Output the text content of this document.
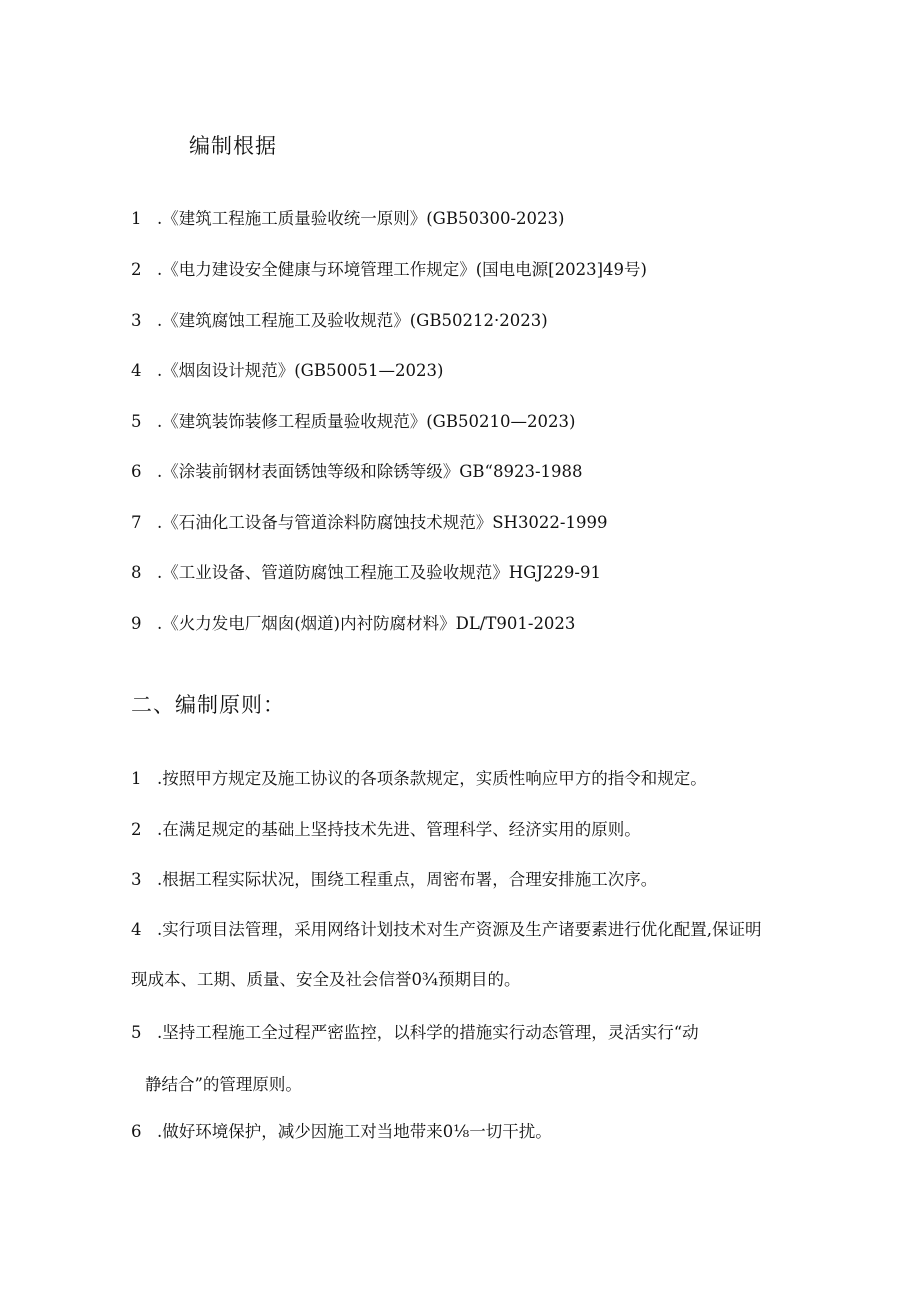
编制根据
1 .《建筑工程施工质量验收统一原则》(GB50300-2023)
2 .《电力建设安全健康与环境管理工作规定》(国电电源[2023]49号)
3 .《建筑腐蚀工程施工及验收规范》(GB50212·2023)
4 .《烟囱设计规范》(GB50051—2023)
5 .《建筑装饰装修工程质量验收规范》(GB50210—2023)
6 .《涂装前钢材表面锈蚀等级和除锈等级》GB“8923-1988
7 .《石油化工设备与管道涂料防腐蚀技术规范》SH3022-1999
8 .《工业设备、管道防腐蚀工程施工及验收规范》HGJ229-91
9 .《火力发电厂烟囱(烟道)内衬防腐材料》DL/T901-2023
二、编制原则：
1 .按照甲方规定及施工协议的各项条款规定，实质性响应甲方的指令和规定。
2 .在满足规定的基础上坚持技术先进、管理科学、经济实用的原则。
3 .根据工程实际状况，围绕工程重点，周密布署，合理安排施工次序。
4 .实行项目法管理，采用网络计划技术对生产资源及生产诸要素进行优化配置,保证明
现成本、工期、质量、安全及社会信誉0¾预期目的。
5 .坚持工程施工全过程严密监控，以科学的措施实行动态管理，灵活实行“动
静结合”的管理原则。
6 .做好环境保护，减少因施工对当地带来0⅛一切干扰。
